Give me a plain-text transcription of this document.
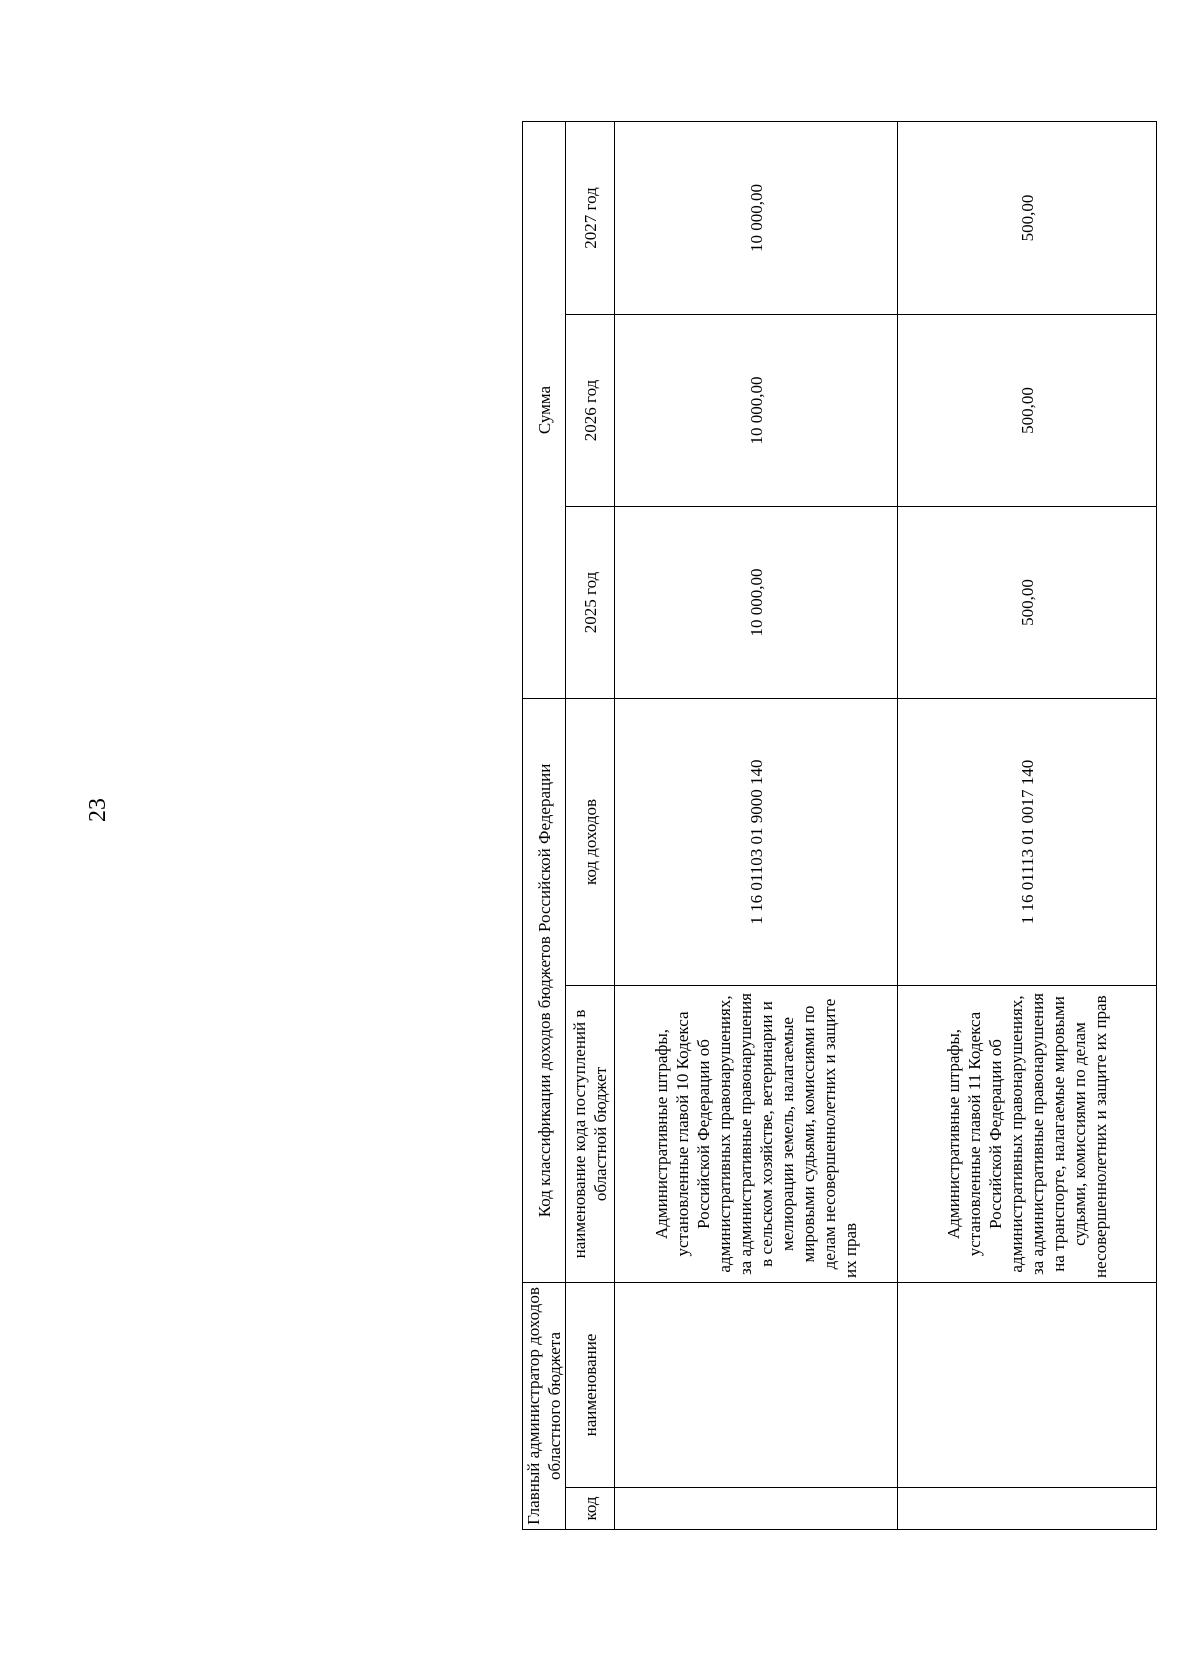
23
Главный администратор доходов областного бюджета		Код классификации доходов бюджетов Российской Федерации		Сумма		
код	наименование	наименование кода поступлений в областной бюджет	код доходов	2025 год	2026 год	2027 год
		Административные штрафы, установленные главой 10 Кодекса Российской Федерации об административных правонарушениях, за административные правонарушения в сельском хозяйстве, ветеринарии и мелиорации земель, налагаемые мировыми судьями, комиссиями по делам несовершеннолетних и защите их прав	1 16 01103 01 9000 140	10 000,00	10 000,00	10 000,00
		Административные штрафы, установленные главой 11 Кодекса Российской Федерации об административных правонарушениях, за административные правонарушения на транспорте, налагаемые мировыми судьями, комиссиями по делам несовершеннолетних и защите их прав	1 16 01113 01 0017 140	500,00	500,00	500,00
